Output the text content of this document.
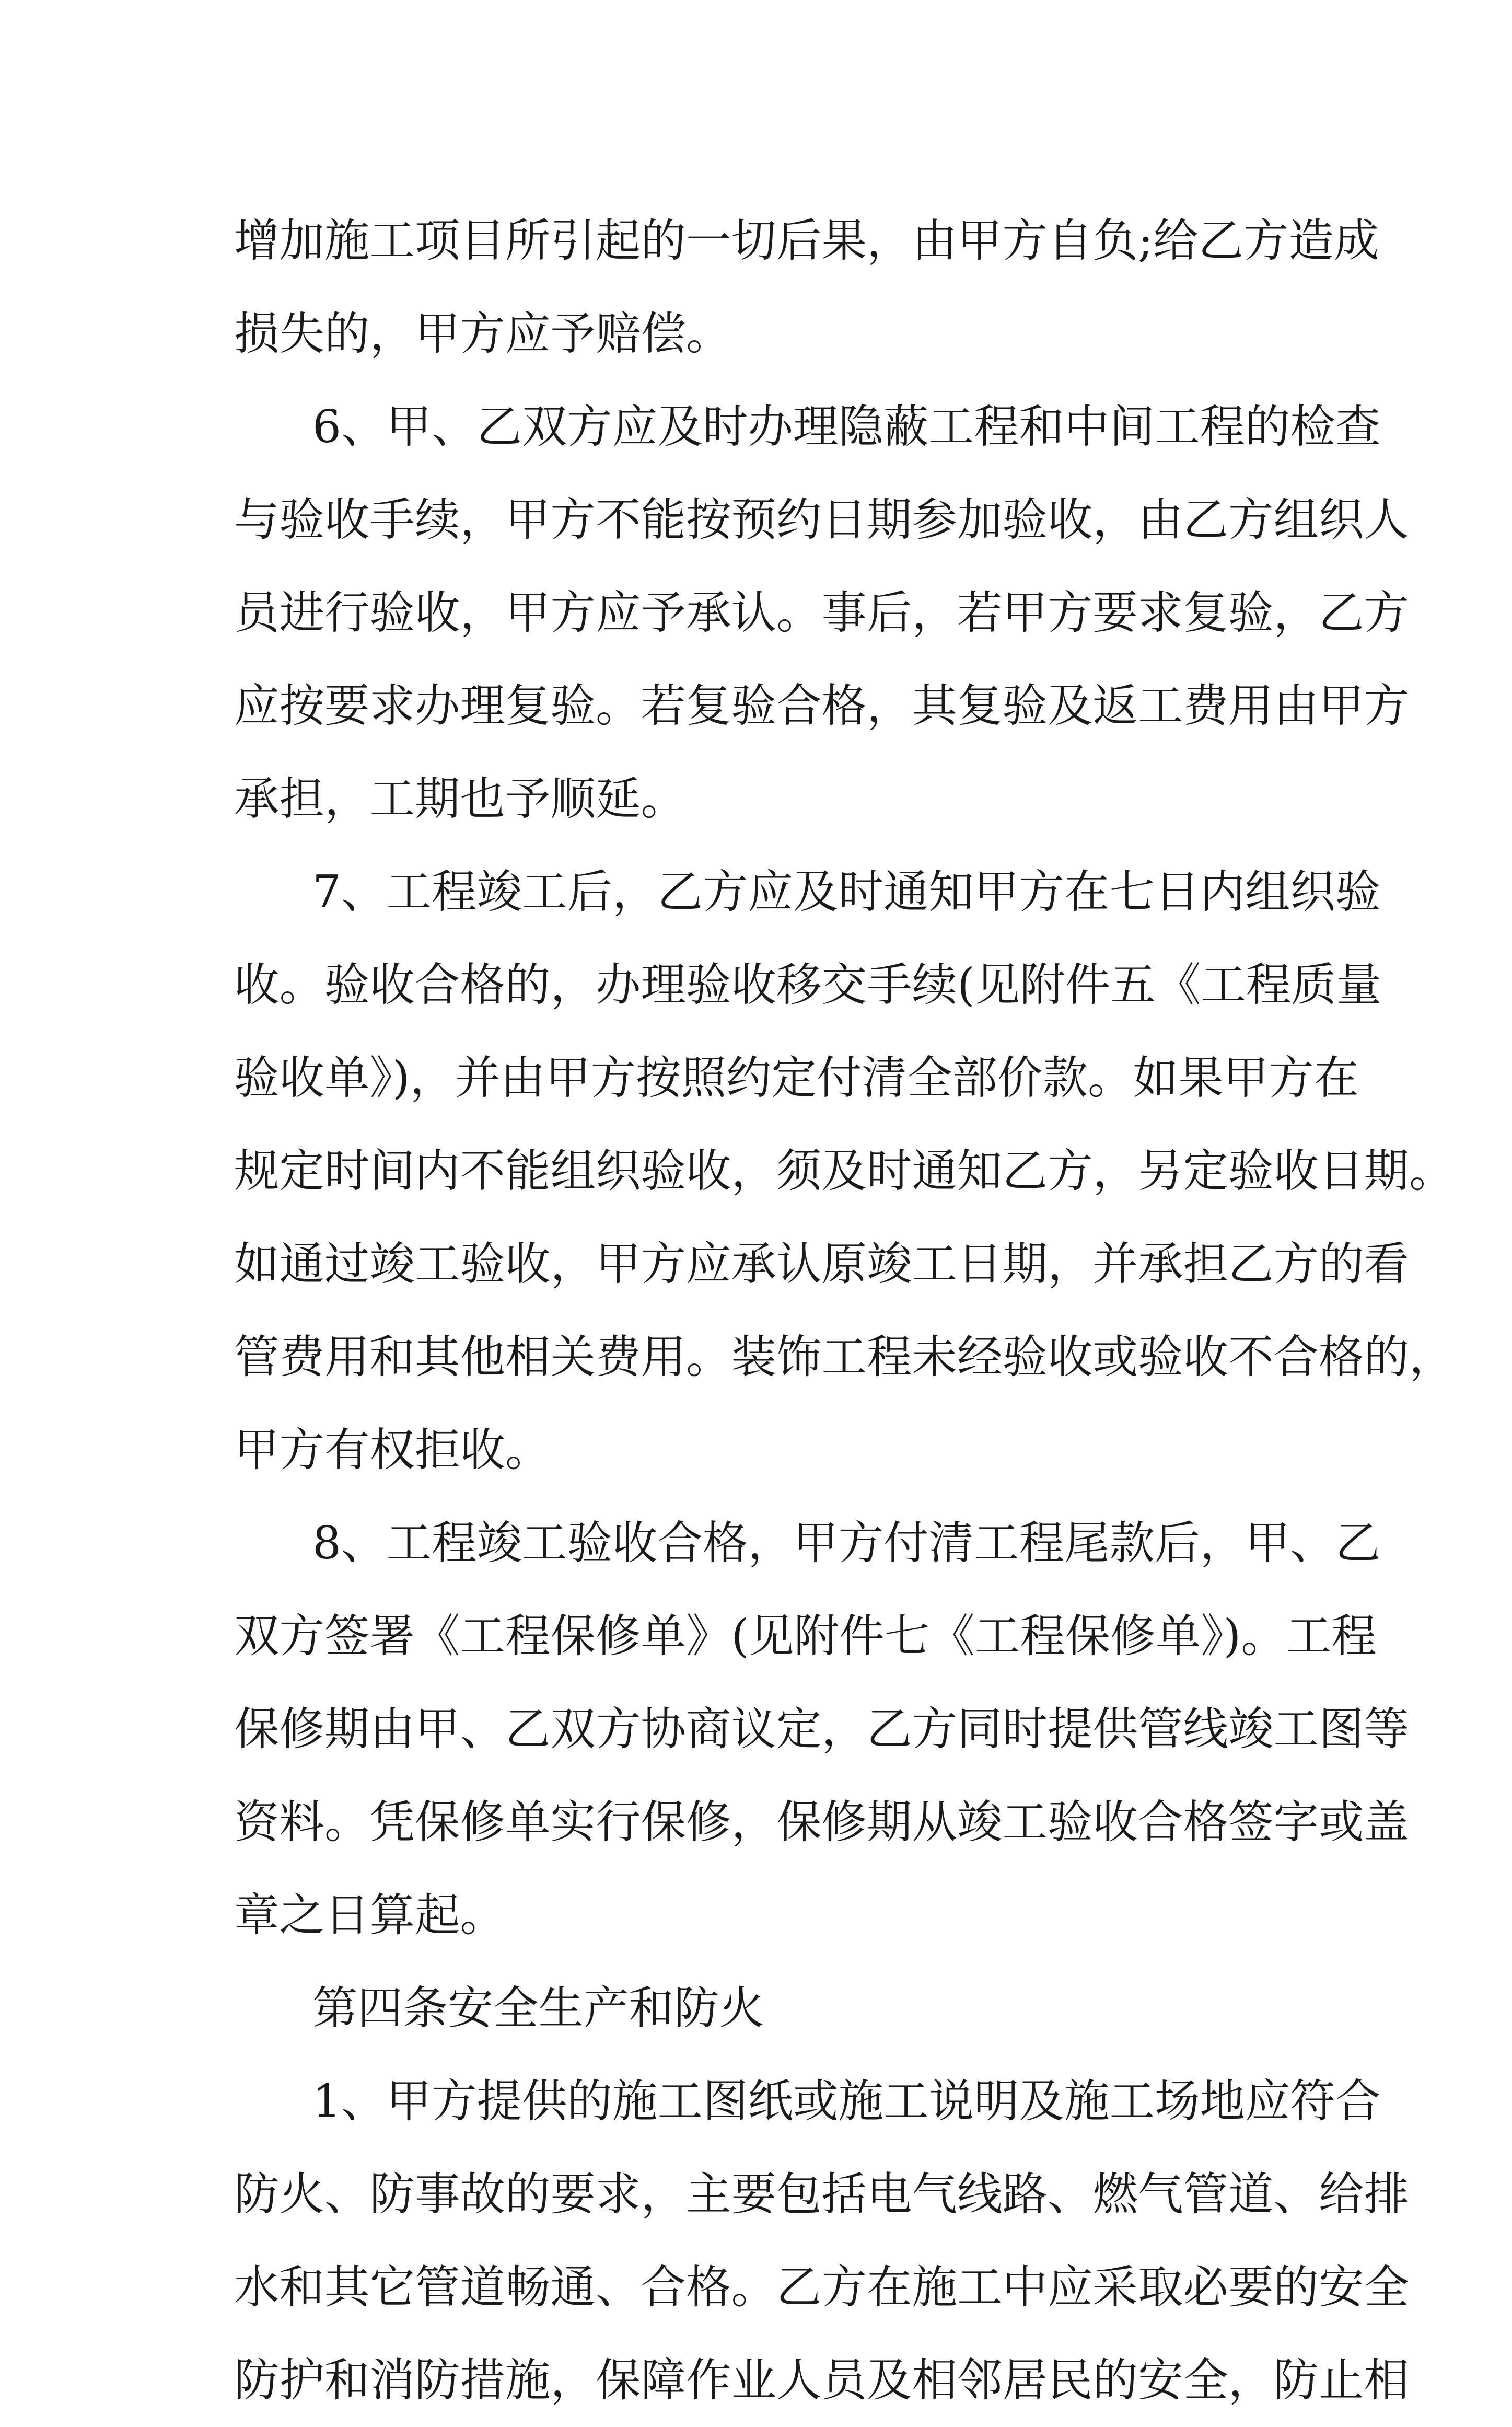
增加施工项目所引起的一切后果，由甲方自负;给乙方造成
损失的，甲方应予赔偿。
6、甲、乙双方应及时办理隐蔽工程和中间工程的检查
与验收手续，甲方不能按预约日期参加验收，由乙方组织人
员进行验收，甲方应予承认。事后，若甲方要求复验，乙方
应按要求办理复验。若复验合格，其复验及返工费用由甲方
承担，工期也予顺延。
7、工程竣工后，乙方应及时通知甲方在七日内组织验
收。验收合格的，办理验收移交手续(见附件五《工程质量
验收单》)，并由甲方按照约定付清全部价款。如果甲方在
规定时间内不能组织验收，须及时通知乙方，另定验收日期。
如通过竣工验收，甲方应承认原竣工日期，并承担乙方的看
管费用和其他相关费用。装饰工程未经验收或验收不合格的，
甲方有权拒收。
8、工程竣工验收合格，甲方付清工程尾款后，甲、乙
双方签署《工程保修单》(见附件七《工程保修单》)。工程
保修期由甲、乙双方协商议定，乙方同时提供管线竣工图等
资料。凭保修单实行保修，保修期从竣工验收合格签字或盖
章之日算起。
第四条安全生产和防火
1、甲方提供的施工图纸或施工说明及施工场地应符合
防火、防事故的要求，主要包括电气线路、燃气管道、给排
水和其它管道畅通、合格。乙方在施工中应采取必要的安全
防护和消防措施，保障作业人员及相邻居民的安全，防止相
